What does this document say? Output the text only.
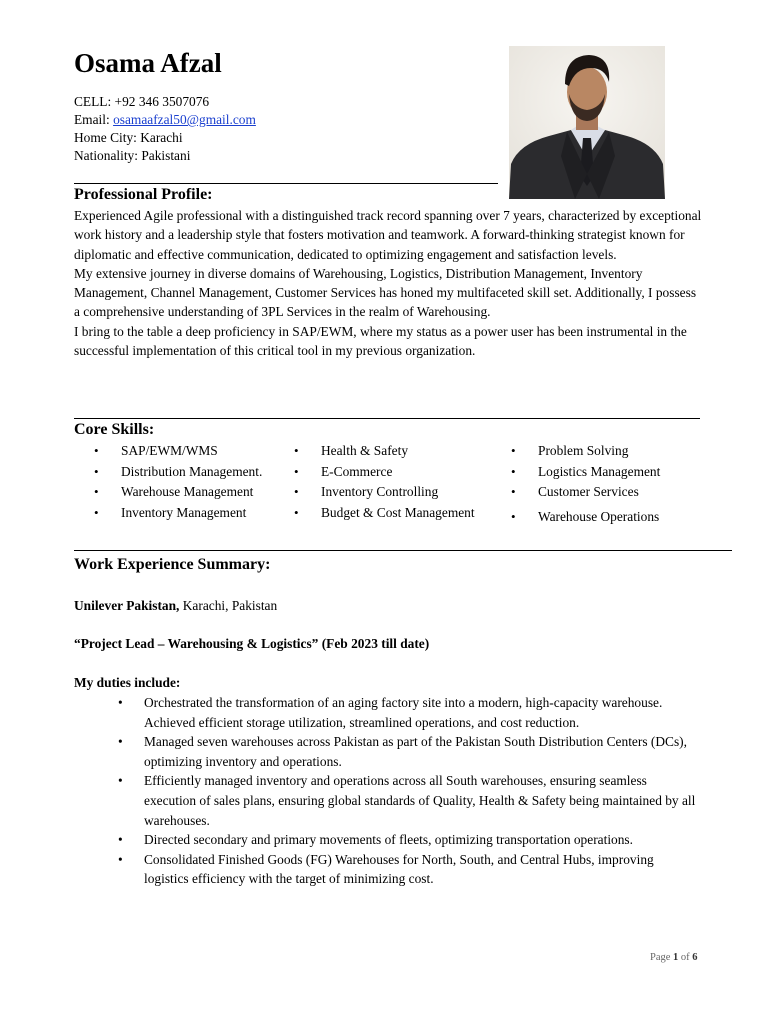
Osama Afzal
CELL: +92 346 3507076
Email: osamaafzal50@gmail.com
Home City: Karachi
Nationality: Pakistani
Professional Profile:

Experienced Agile professional with a distinguished track record spanning over 7 years, characterized by exceptional work history and a leadership style that fosters motivation and teamwork. A forward-thinking strategist known for diplomatic and effective communication, dedicated to optimizing engagement and satisfaction levels.

My extensive journey in diverse domains of Warehousing, Logistics, Distribution Management, Inventory Management, Channel Management, Customer Services has honed my multifaceted skill set. Additionally, I possess a comprehensive understanding of 3PL Services in the realm of Warehousing.

I bring to the table a deep proficiency in SAP/EWM, where my status as a power user has been instrumental in the successful implementation of this critical tool in my previous organization.

Core Skills:
• SAP/EWM/WMS
• Distribution Management.
• Warehouse Management
• Inventory Management
• Health & Safety
• E-Commerce
• Inventory Controlling
• Budget & Cost Management
• Problem Solving
• Logistics Management
• Customer Services
• Warehouse Operations
Work Experience Summary:
Unilever Pakistan, Karachi, Pakistan
“Project Lead – Warehousing & Logistics” (Feb 2023 till date)
My duties include:
• Orchestrated the transformation of an aging factory site into a modern, high-capacity warehouse. Achieved efficient storage utilization, streamlined operations, and cost reduction.
• Managed seven warehouses across Pakistan as part of the Pakistan South Distribution Centers (DCs), optimizing inventory and operations.
• Efficiently managed inventory and operations across all South warehouses, ensuring seamless execution of sales plans, ensuring global standards of Quality, Health & Safety being maintained by all warehouses.
• Directed secondary and primary movements of fleets, optimizing transportation operations.
• Consolidated Finished Goods (FG) Warehouses for North, South, and Central Hubs, improving logistics efficiency with the target of minimizing cost.
Page 1 of 6
